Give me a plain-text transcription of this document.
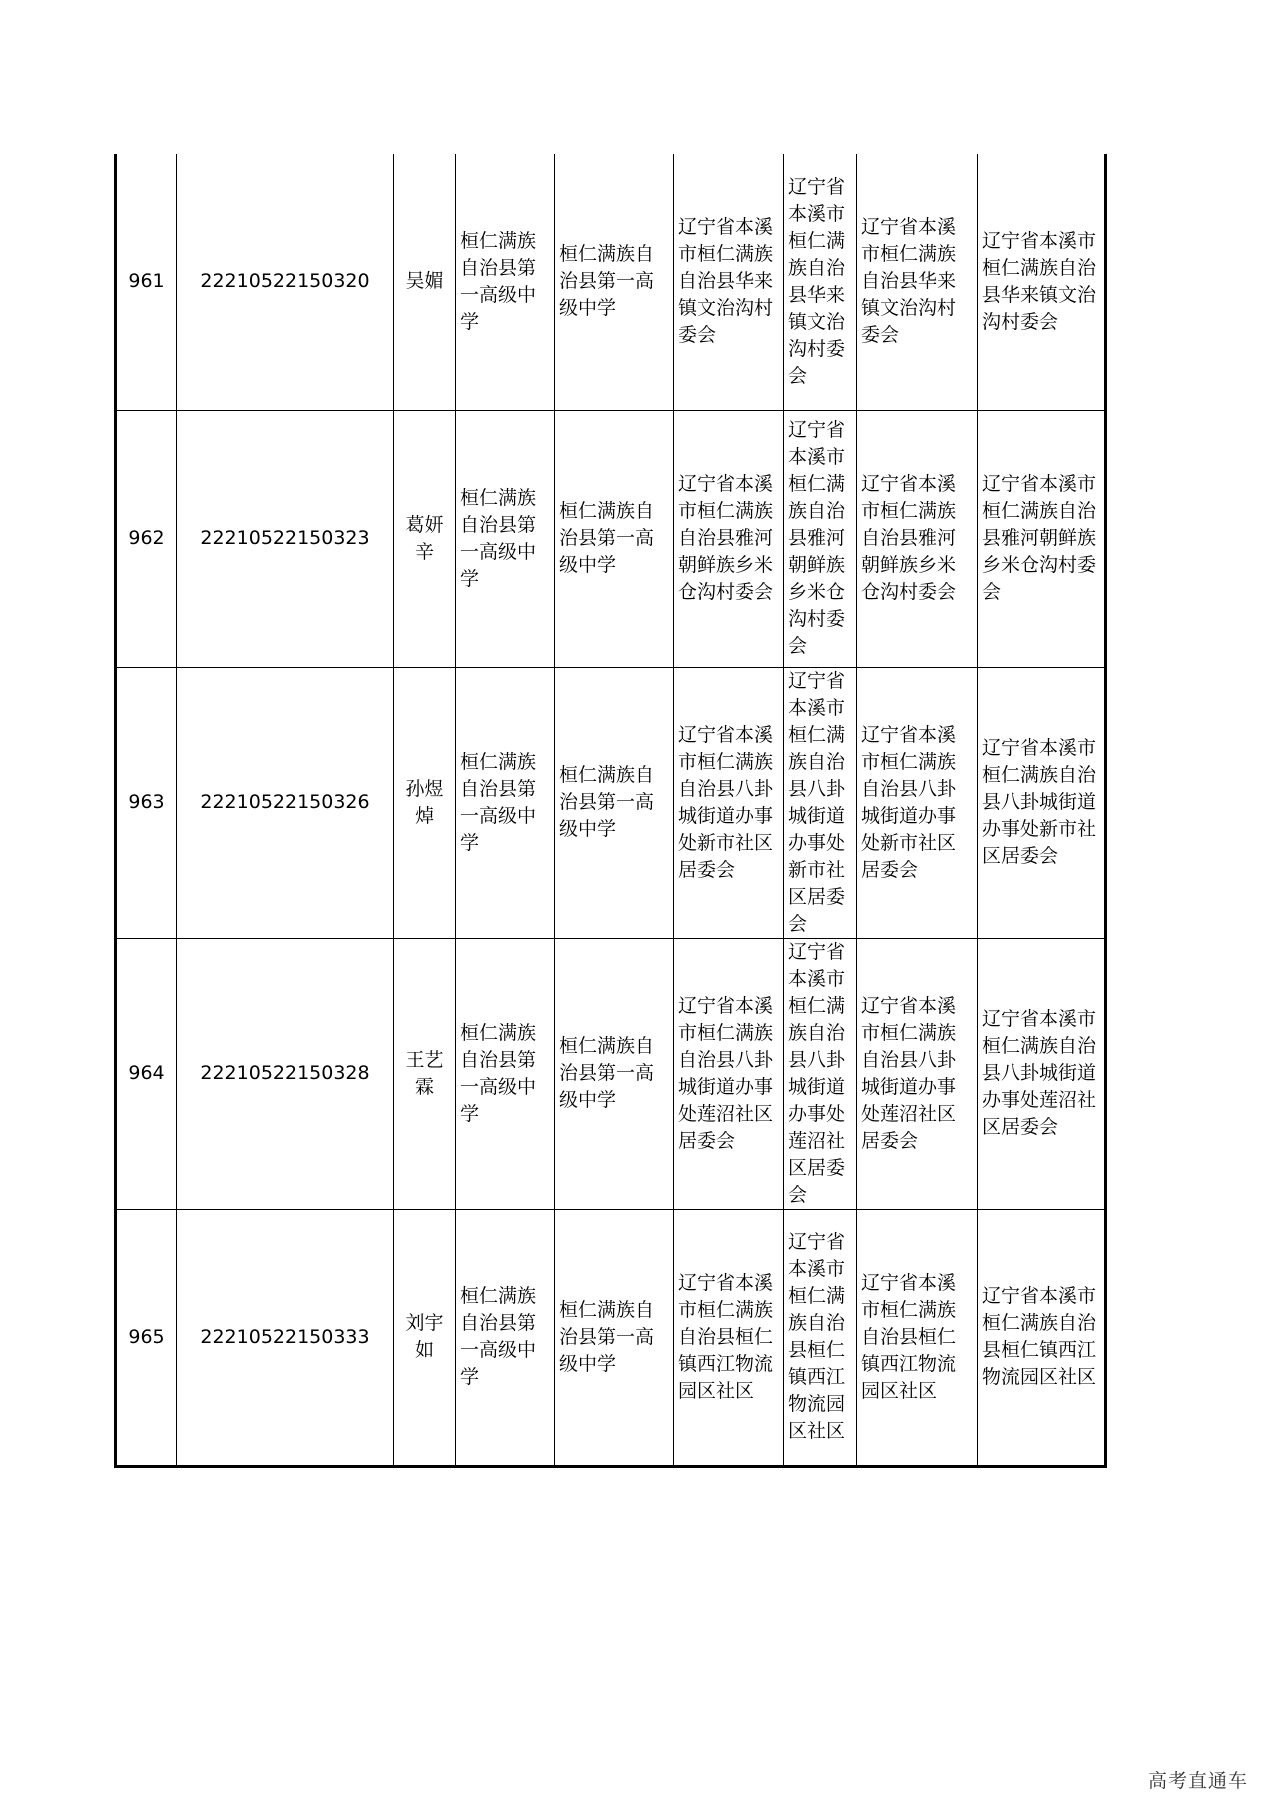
961	22210522150320	吴媚	桓仁满族自治县第一高级中学	桓仁满族自治县第一高级中学	辽宁省本溪市桓仁满族自治县华来镇文治沟村委会	辽宁省本溪市桓仁满族自治县华来镇文治沟村委会	辽宁省本溪市桓仁满族自治县华来镇文治沟村委会	辽宁省本溪市桓仁满族自治县华来镇文治沟村委会
962	22210522150323	葛妍辛	桓仁满族自治县第一高级中学	桓仁满族自治县第一高级中学	辽宁省本溪市桓仁满族自治县雅河朝鲜族乡米仓沟村委会	辽宁省本溪市桓仁满族自治县雅河朝鲜族乡米仓沟村委会	辽宁省本溪市桓仁满族自治县雅河朝鲜族乡米仓沟村委会	辽宁省本溪市桓仁满族自治县雅河朝鲜族乡米仓沟村委会
963	22210522150326	孙煜焯	桓仁满族自治县第一高级中学	桓仁满族自治县第一高级中学	辽宁省本溪市桓仁满族自治县八卦城街道办事处新市社区居委会	辽宁省本溪市桓仁满族自治县八卦城街道办事处新市社区居委会	辽宁省本溪市桓仁满族自治县八卦城街道办事处新市社区居委会	辽宁省本溪市桓仁满族自治县八卦城街道办事处新市社区居委会
964	22210522150328	王艺霖	桓仁满族自治县第一高级中学	桓仁满族自治县第一高级中学	辽宁省本溪市桓仁满族自治县八卦城街道办事处莲沼社区居委会	辽宁省本溪市桓仁满族自治县八卦城街道办事处莲沼社区居委会	辽宁省本溪市桓仁满族自治县八卦城街道办事处莲沼社区居委会	辽宁省本溪市桓仁满族自治县八卦城街道办事处莲沼社区居委会
965	22210522150333	刘宇如	桓仁满族自治县第一高级中学	桓仁满族自治县第一高级中学	辽宁省本溪市桓仁满族自治县桓仁镇西江物流园区社区	辽宁省本溪市桓仁满族自治县桓仁镇西江物流园区社区	辽宁省本溪市桓仁满族自治县桓仁镇西江物流园区社区	辽宁省本溪市桓仁满族自治县桓仁镇西江物流园区社区
高考直通车
